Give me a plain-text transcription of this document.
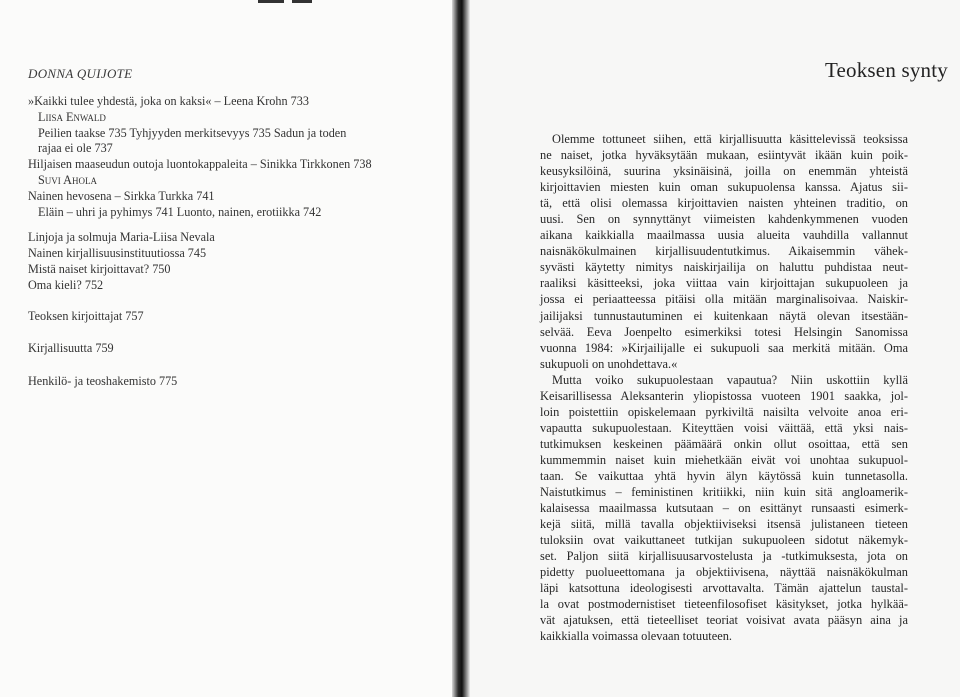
DONNA QUIJOTE
»Kaikki tulee yhdestä, joka on kaksi« – Leena Krohn 733
Liisa Enwald
Peilien taakse 735 Tyhjyyden merkitsevyys 735 Sadun ja toden
rajaa ei ole 737
Hiljaisen maaseudun outoja luontokappaleita – Sinikka Tirkkonen 738
Suvi Ahola
Nainen hevosena – Sirkka Turkka 741
Eläin – uhri ja pyhimys 741 Luonto, nainen, erotiikka 742
Linjoja ja solmuja Maria-Liisa Nevala
Nainen kirjallisuusinstituutiossa 745
Mistä naiset kirjoittavat? 750
Oma kieli? 752
Teoksen kirjoittajat 757
Kirjallisuutta 759
Henkilö- ja teoshakemisto 775
Teoksen synty
Olemme tottuneet siihen, että kirjallisuutta käsittelevissä teoksissa
ne naiset, jotka hyväksytään mukaan, esiintyvät ikään kuin poik-
keusyksilöinä, suurina yksinäisinä, joilla on enemmän yhteistä
kirjoittavien miesten kuin oman sukupuolensa kanssa. Ajatus sii-
tä, että olisi olemassa kirjoittavien naisten yhteinen traditio, on
uusi. Sen on synnyttänyt viimeisten kahdenkymmenen vuoden
aikana kaikkialla maailmassa uusia alueita vauhdilla vallannut
naisnäkökulmainen kirjallisuudentutkimus. Aikaisemmin vähek-
syvästi käytetty nimitys naiskirjailija on haluttu puhdistaa neut-
raaliksi käsitteeksi, joka viittaa vain kirjoittajan sukupuoleen ja
jossa ei periaatteessa pitäisi olla mitään marginalisoivaa. Naiskir-
jailijaksi tunnustautuminen ei kuitenkaan näytä olevan itsestään-
selvää. Eeva Joenpelto esimerkiksi totesi Helsingin Sanomissa
vuonna 1984: »Kirjailijalle ei sukupuoli saa merkitä mitään. Oma
sukupuoli on unohdettava.«
Mutta voiko sukupuolestaan vapautua? Niin uskottiin kyllä
Keisarillisessa Aleksanterin yliopistossa vuoteen 1901 saakka, jol-
loin poistettiin opiskelemaan pyrkiviltä naisilta velvoite anoa eri-
vapautta sukupuolestaan. Kiteyttäen voisi väittää, että yksi nais-
tutkimuksen keskeinen päämäärä onkin ollut osoittaa, että sen
kummemmin naiset kuin miehetkään eivät voi unohtaa sukupuol-
taan. Se vaikuttaa yhtä hyvin älyn käytössä kuin tunnetasolla.
Naistutkimus – feministinen kritiikki, niin kuin sitä angloamerik-
kalaisessa maailmassa kutsutaan – on esittänyt runsaasti esimerk-
kejä siitä, millä tavalla objektiiviseksi itsensä julistaneen tieteen
tuloksiin ovat vaikuttaneet tutkijan sukupuoleen sidotut näkemyk-
set. Paljon siitä kirjallisuusarvostelusta ja -tutkimuksesta, jota on
pidetty puolueettomana ja objektiivisena, näyttää naisnäkökulman
läpi katsottuna ideologisesti arvottavalta. Tämän ajattelun taustal-
la ovat postmodernistiset tieteenfilosofiset käsitykset, jotka hylkää-
vät ajatuksen, että tieteelliset teoriat voisivat avata pääsyn aina ja
kaikkialla voimassa olevaan totuuteen.
